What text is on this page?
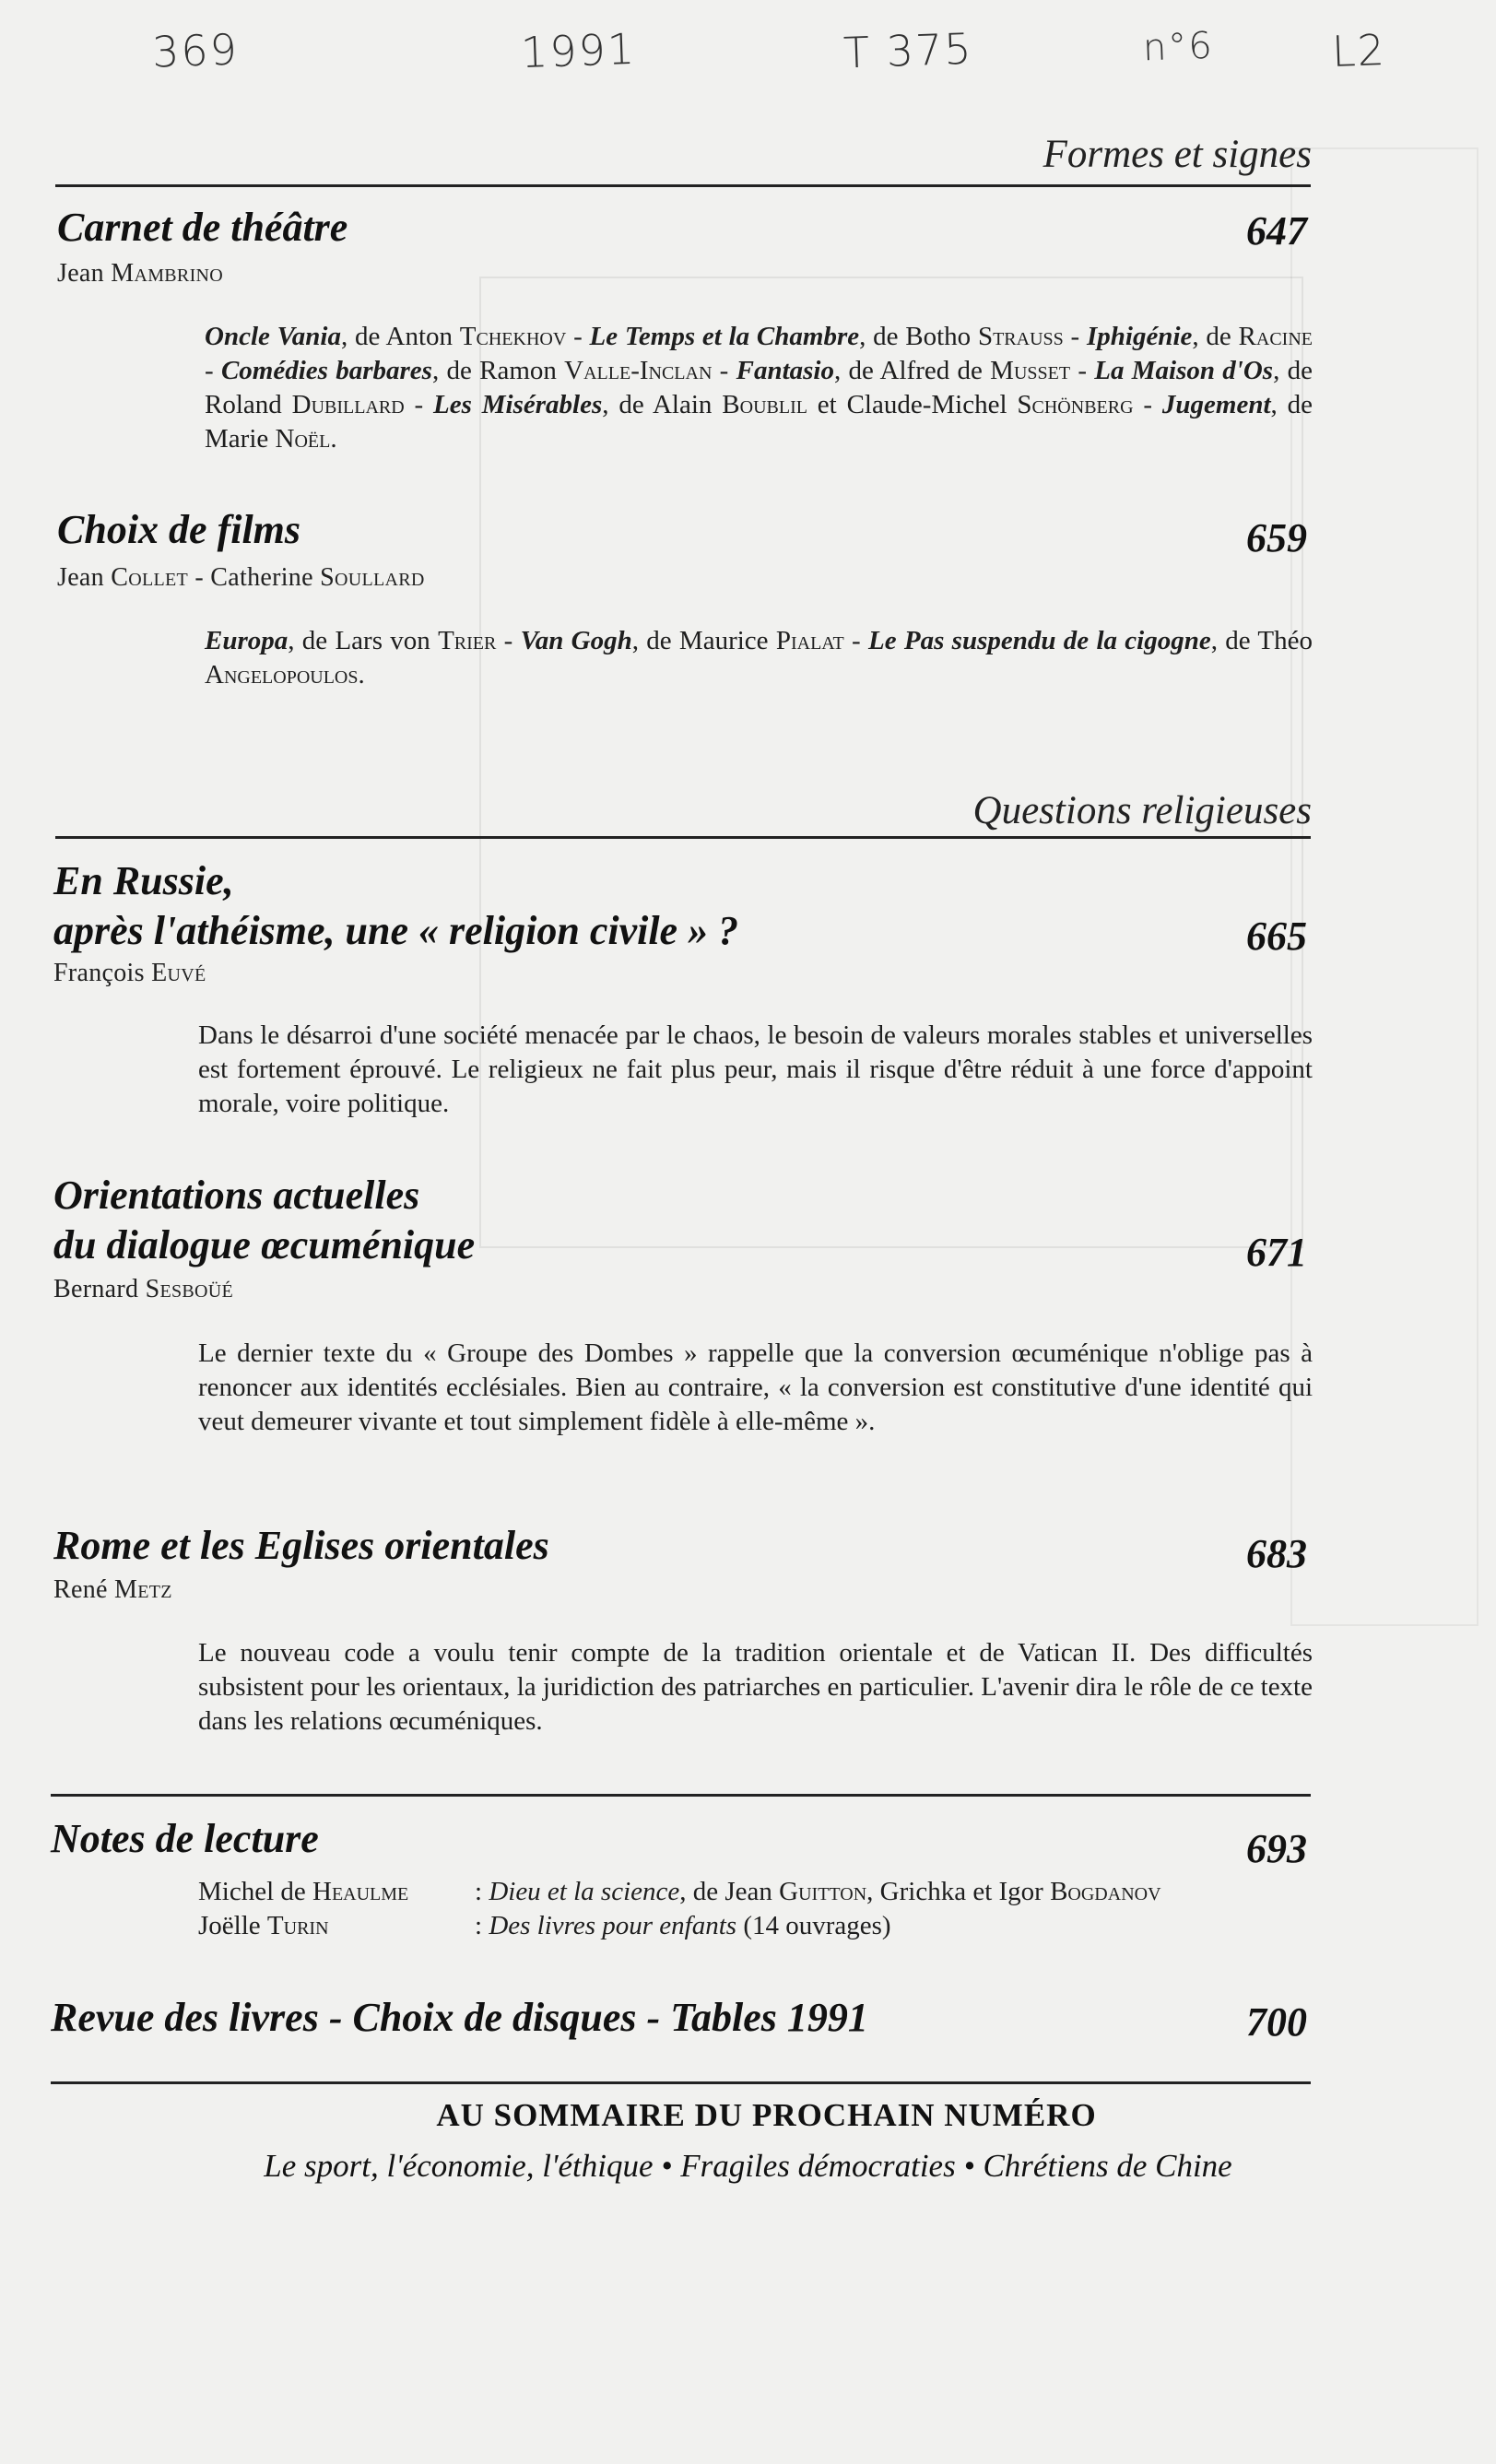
369	1991	T 375	n°6	L2
Formes et signes
Carnet de théâtre	647
Jean Mambrino
Oncle Vania, de Anton Tchekhov - Le Temps et la Chambre, de Botho Strauss - Iphigénie, de Racine - Comédies barbares, de Ramon Valle-Inclan - Fantasio, de Alfred de Musset - La Maison d'Os, de Roland Dubillard - Les Misérables, de Alain Boublil et Claude-Michel Schönberg - Jugement, de Marie Noël.
Choix de films	659
Jean Collet - Catherine Soullard
Europa, de Lars von Trier - Van Gogh, de Maurice Pialat - Le Pas suspendu de la cigogne, de Théo Angelopoulos.
Questions religieuses
En Russie,
après l'athéisme, une « religion civile » ?	665
François Euvé
Dans le désarroi d'une société menacée par le chaos, le besoin de valeurs morales stables et universelles est fortement éprouvé. Le religieux ne fait plus peur, mais il risque d'être réduit à une force d'appoint morale, voire politique.
Orientations actuelles
du dialogue œcuménique	671
Bernard Sesboüé
Le dernier texte du « Groupe des Dombes » rappelle que la conversion œcuménique n'oblige pas à renoncer aux identités ecclésiales. Bien au contraire, « la conversion est constitutive d'une identité qui veut demeurer vivante et tout simplement fidèle à elle-même ».
Rome et les Eglises orientales	683
René Metz
Le nouveau code a voulu tenir compte de la tradition orientale et de Vatican II. Des difficultés subsistent pour les orientaux, la juridiction des patriarches en particulier. L'avenir dira le rôle de ce texte dans les relations œcuméniques.
Notes de lecture	693
Michel de Heaulme : Dieu et la science, de Jean Guitton, Grichka et Igor Bogdanov
Joëlle Turin	: Des livres pour enfants (14 ouvrages)
Revue des livres - Choix de disques - Tables 1991	700
AU SOMMAIRE DU PROCHAIN NUMÉRO
Le sport, l'économie, l'éthique • Fragiles démocraties • Chrétiens de Chine
